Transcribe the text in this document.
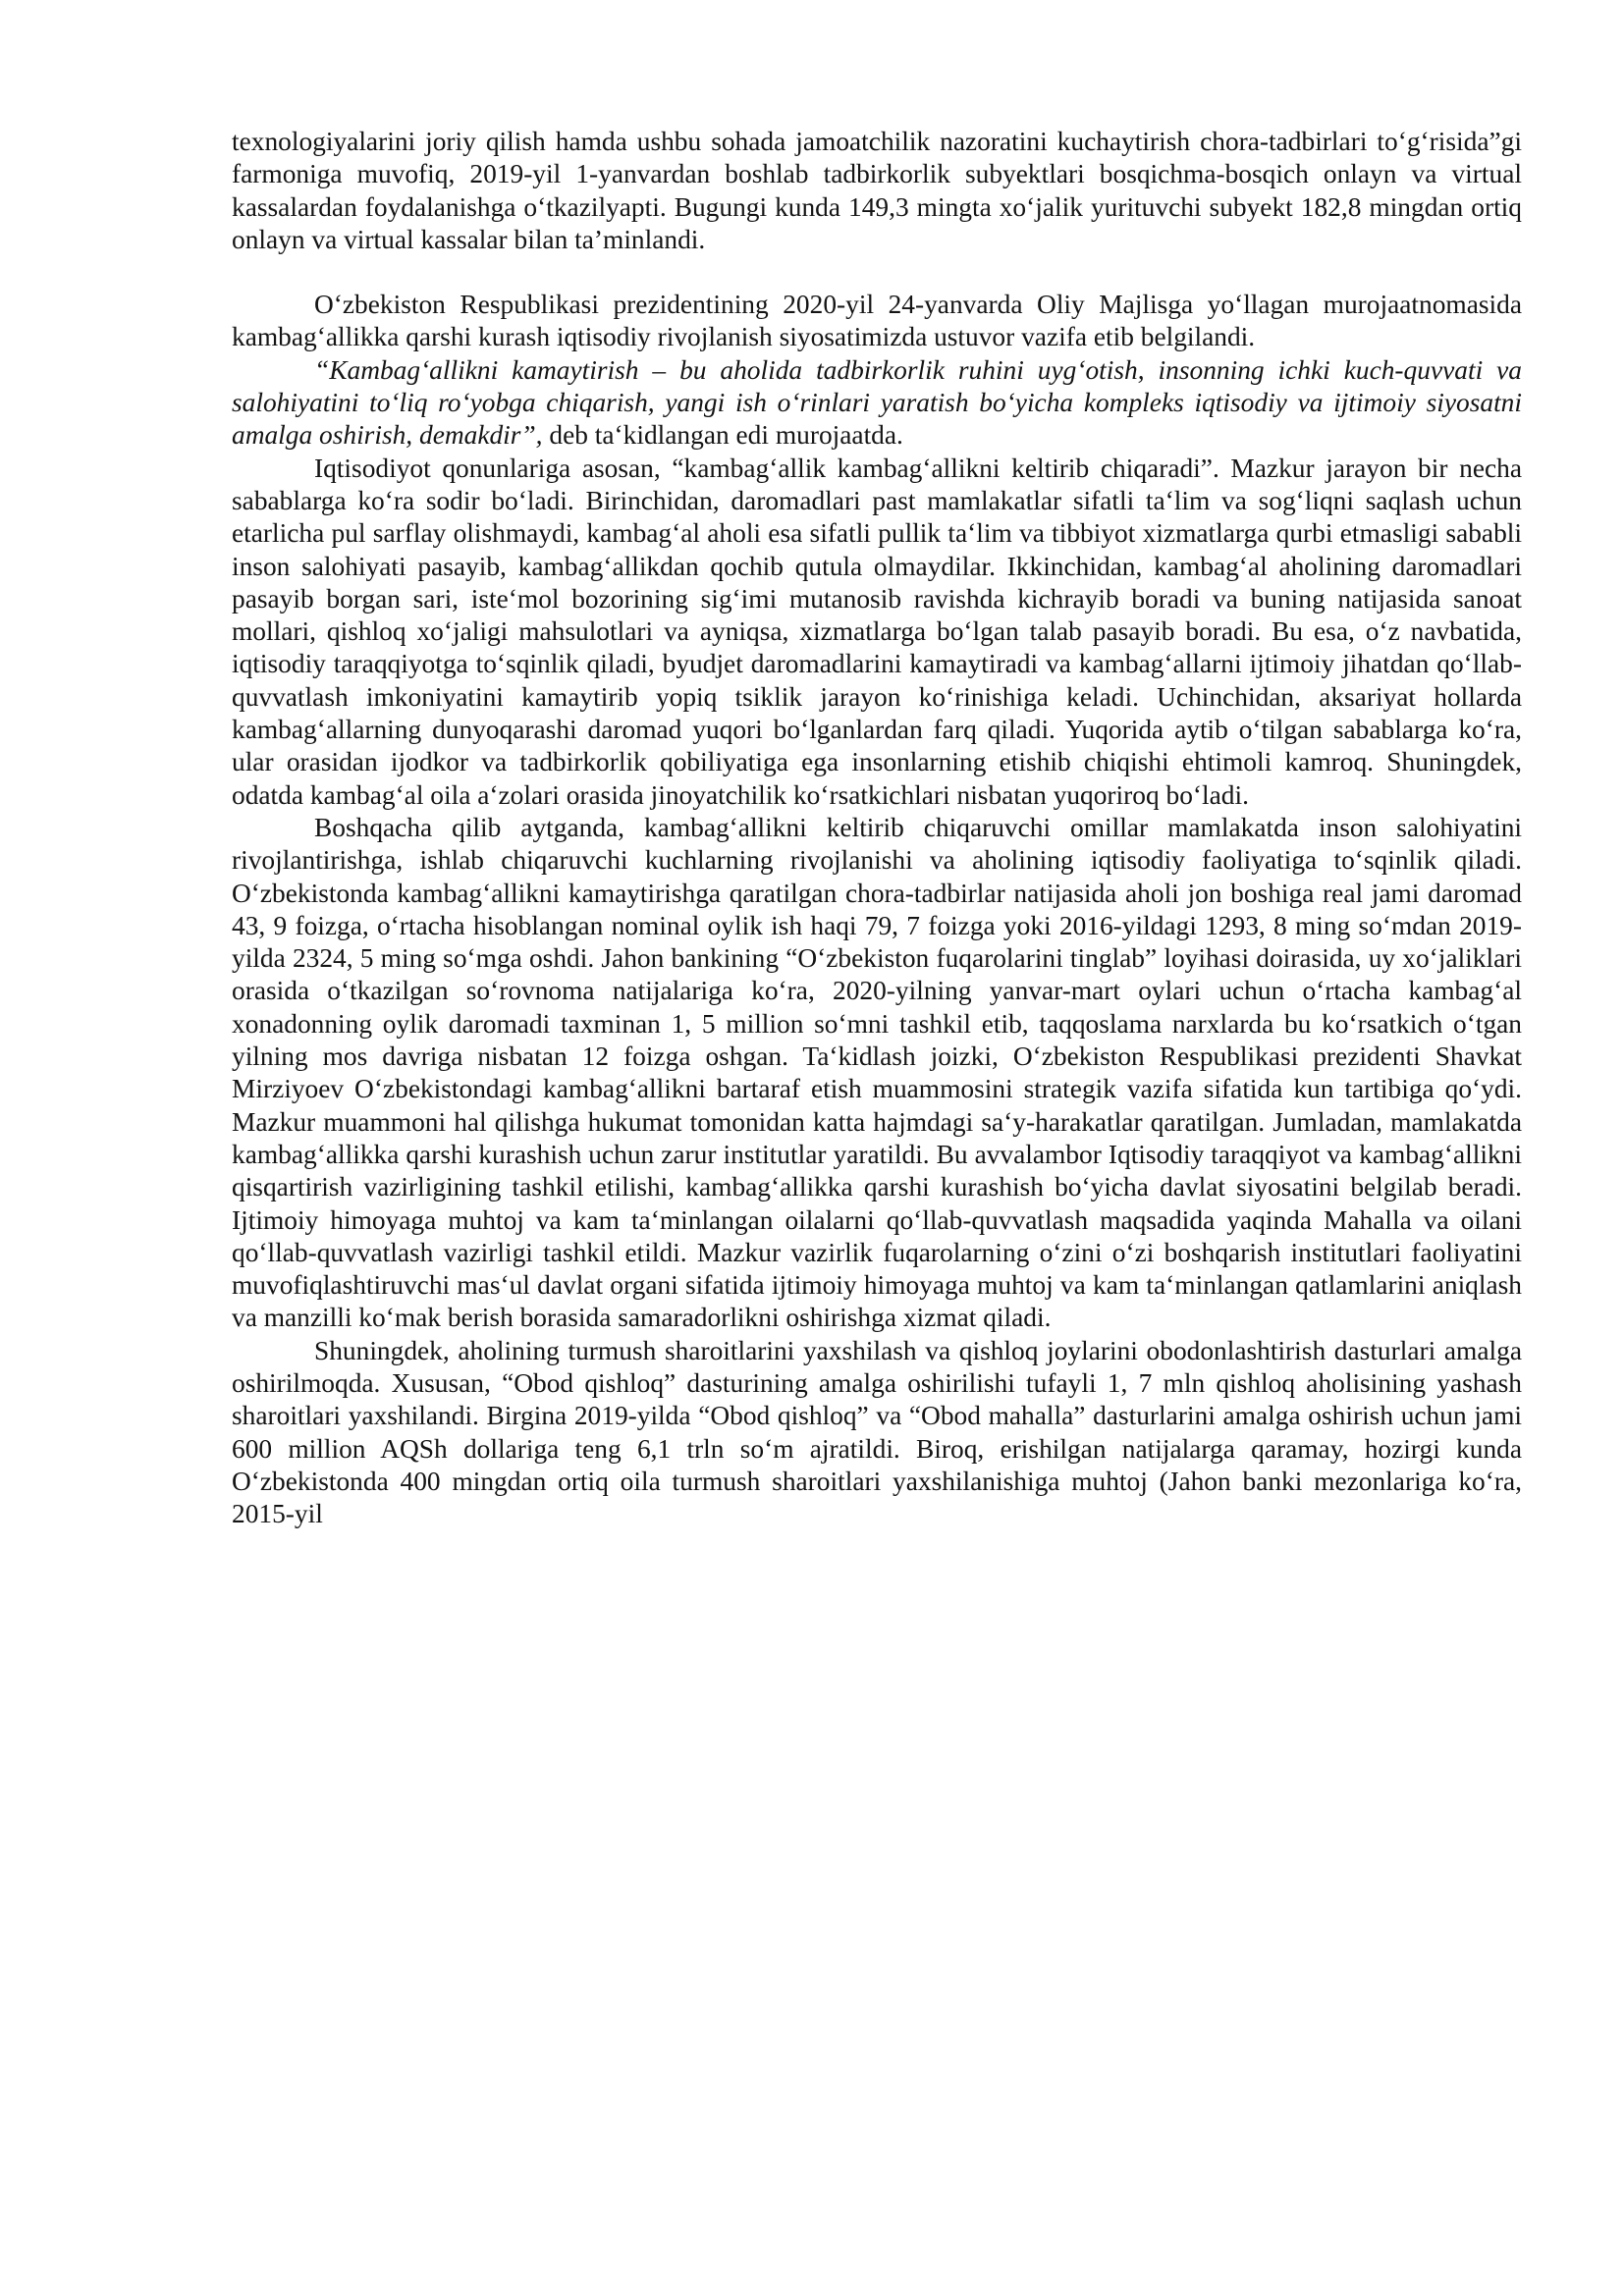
texnologiyalarini joriy qilish hamda ushbu sohada jamoatchilik nazoratini kuchaytirish chora-tadbirlari to‘g‘risida”gi farmoniga muvofiq, 2019-yil 1-yanvardan boshlab tadbirkorlik subyektlari bosqichma-bosqich onlayn va virtual kassalardan foydalanishga o‘tkazilyapti. Bugungi kunda 149,3 mingta xo‘jalik yurituvchi subyekt 182,8 mingdan ortiq onlayn va virtual kassalar bilan ta’minlandi.

O‘zbekiston Respublikasi prezidentining 2020-yil 24-yanvarda Oliy Majlisga yo‘llagan murojaatnomasida kambag‘allikka qarshi kurash iqtisodiy rivojlanish siyosatimizda ustuvor vazifa etib belgilandi.

“Kambag‘allikni kamaytirish – bu aholida tadbirkorlik ruhini uyg‘otish, insonning ichki kuch-quvvati va salohiyatini to‘liq ro‘yobga chiqarish, yangi ish o‘rinlari yaratish bo‘yicha kompleks iqtisodiy va ijtimoiy siyosatni amalga oshirish, demakdir”, deb ta‘kidlangan edi murojaatda.

Iqtisodiyot qonunlariga asosan, “kambag‘allik kambag‘allikni keltirib chiqaradi”. Mazkur jarayon bir necha sabablarga ko‘ra sodir bo‘ladi. Birinchidan, daromadlari past mamlakatlar sifatli ta‘lim va sog‘liqni saqlash uchun etarlicha pul sarflay olishmaydi, kambag‘al aholi esa sifatli pullik ta‘lim va tibbiyot xizmatlarga qurbi etmasligi sababli inson salohiyati pasayib, kambag‘allikdan qochib qutula olmaydilar. Ikkinchidan, kambag‘al aholining daromadlari pasayib borgan sari, iste‘mol bozorining sig‘imi mutanosib ravishda kichrayib boradi va buning natijasida sanoat mollari, qishloq xo‘jaligi mahsulotlari va ayniqsa, xizmatlarga bo‘lgan talab pasayib boradi. Bu esa, o‘z navbatida, iqtisodiy taraqqiyotga to‘sqinlik qiladi, byudjet daromadlarini kamaytiradi va kambag‘allarni ijtimoiy jihatdan qo‘llab-quvvatlash imkoniyatini kamaytirib yopiq tsiklik jarayon ko‘rinishiga keladi. Uchinchidan, aksariyat hollarda kambag‘allarning dunyoqarashi daromad yuqori bo‘lganlardan farq qiladi. Yuqorida aytib o‘tilgan sabablarga ko‘ra, ular orasidan ijodkor va tadbirkorlik qobiliyatiga ega insonlarning etishib chiqishi ehtimoli kamroq. Shuningdek, odatda kambag‘al oila a‘zolari orasida jinoyatchilik ko‘rsatkichlari nisbatan yuqoriroq bo‘ladi.

Boshqacha qilib aytganda, kambag‘allikni keltirib chiqaruvchi omillar mamlakatda inson salohiyatini rivojlantirishga, ishlab chiqaruvchi kuchlarning rivojlanishi va aholining iqtisodiy faoliyatiga to‘sqinlik qiladi. O‘zbekistonda kambag‘allikni kamaytirishga qaratilgan chora-tadbirlar natijasida aholi jon boshiga real jami daromad 43, 9 foizga, o‘rtacha hisoblangan nominal oylik ish haqi 79, 7 foizga yoki 2016-yildagi 1293, 8 ming so‘mdan 2019-yilda 2324, 5 ming so‘mga oshdi. Jahon bankining “O‘zbekiston fuqarolarini tinglab” loyihasi doirasida, uy xo‘jaliklari orasida o‘tkazilgan so‘rovnoma natijalariga ko‘ra, 2020-yilning yanvar-mart oylari uchun o‘rtacha kambag‘al xonadonning oylik daromadi taxminan 1, 5 million so‘mni tashkil etib, taqqoslama narxlarda bu ko‘rsatkich o‘tgan yilning mos davriga nisbatan 12 foizga oshgan. Ta‘kidlash joizki, O‘zbekiston Respublikasi prezidenti Shavkat Mirziyoev O‘zbekistondagi kambag‘allikni bartaraf etish muammosini strategik vazifa sifatida kun tartibiga qo‘ydi. Mazkur muammoni hal qilishga hukumat tomonidan katta hajmdagi sa‘y-harakatlar qaratilgan. Jumladan, mamlakatda kambag‘allikka qarshi kurashish uchun zarur institutlar yaratildi. Bu avvalambor Iqtisodiy taraqqiyot va kambag‘allikni qisqartirish vazirligining tashkil etilishi, kambag‘allikka qarshi kurashish bo‘yicha davlat siyosatini belgilab beradi. Ijtimoiy himoyaga muhtoj va kam ta‘minlangan oilalarni qo‘llab-quvvatlash maqsadida yaqinda Mahalla va oilani qo‘llab-quvvatlash vazirligi tashkil etildi. Mazkur vazirlik fuqarolarning o‘zini o‘zi boshqarish institutlari faoliyatini muvofiqlashtiruvchi mas‘ul davlat organi sifatida ijtimoiy himoyaga muhtoj va kam ta‘minlangan qatlamlarini aniqlash va manzilli ko‘mak berish borasida samaradorlikni oshirishga xizmat qiladi.

Shuningdek, aholining turmush sharoitlarini yaxshilash va qishloq joylarini obodonlashtirish dasturlari amalga oshirilmoqda. Xususan, “Obod qishloq” dasturining amalga oshirilishi tufayli 1, 7 mln qishloq aholisining yashash sharoitlari yaxshilandi. Birgina 2019-yilda “Obod qishloq” va “Obod mahalla” dasturlarini amalga oshirish uchun jami 600 million AQSh dollariga teng 6,1 trln so‘m ajratildi. Biroq, erishilgan natijalarga qaramay, hozirgi kunda O‘zbekistonda 400 mingdan ortiq oila turmush sharoitlari yaxshilanishiga muhtoj (Jahon banki mezonlariga ko‘ra, 2015-yil
